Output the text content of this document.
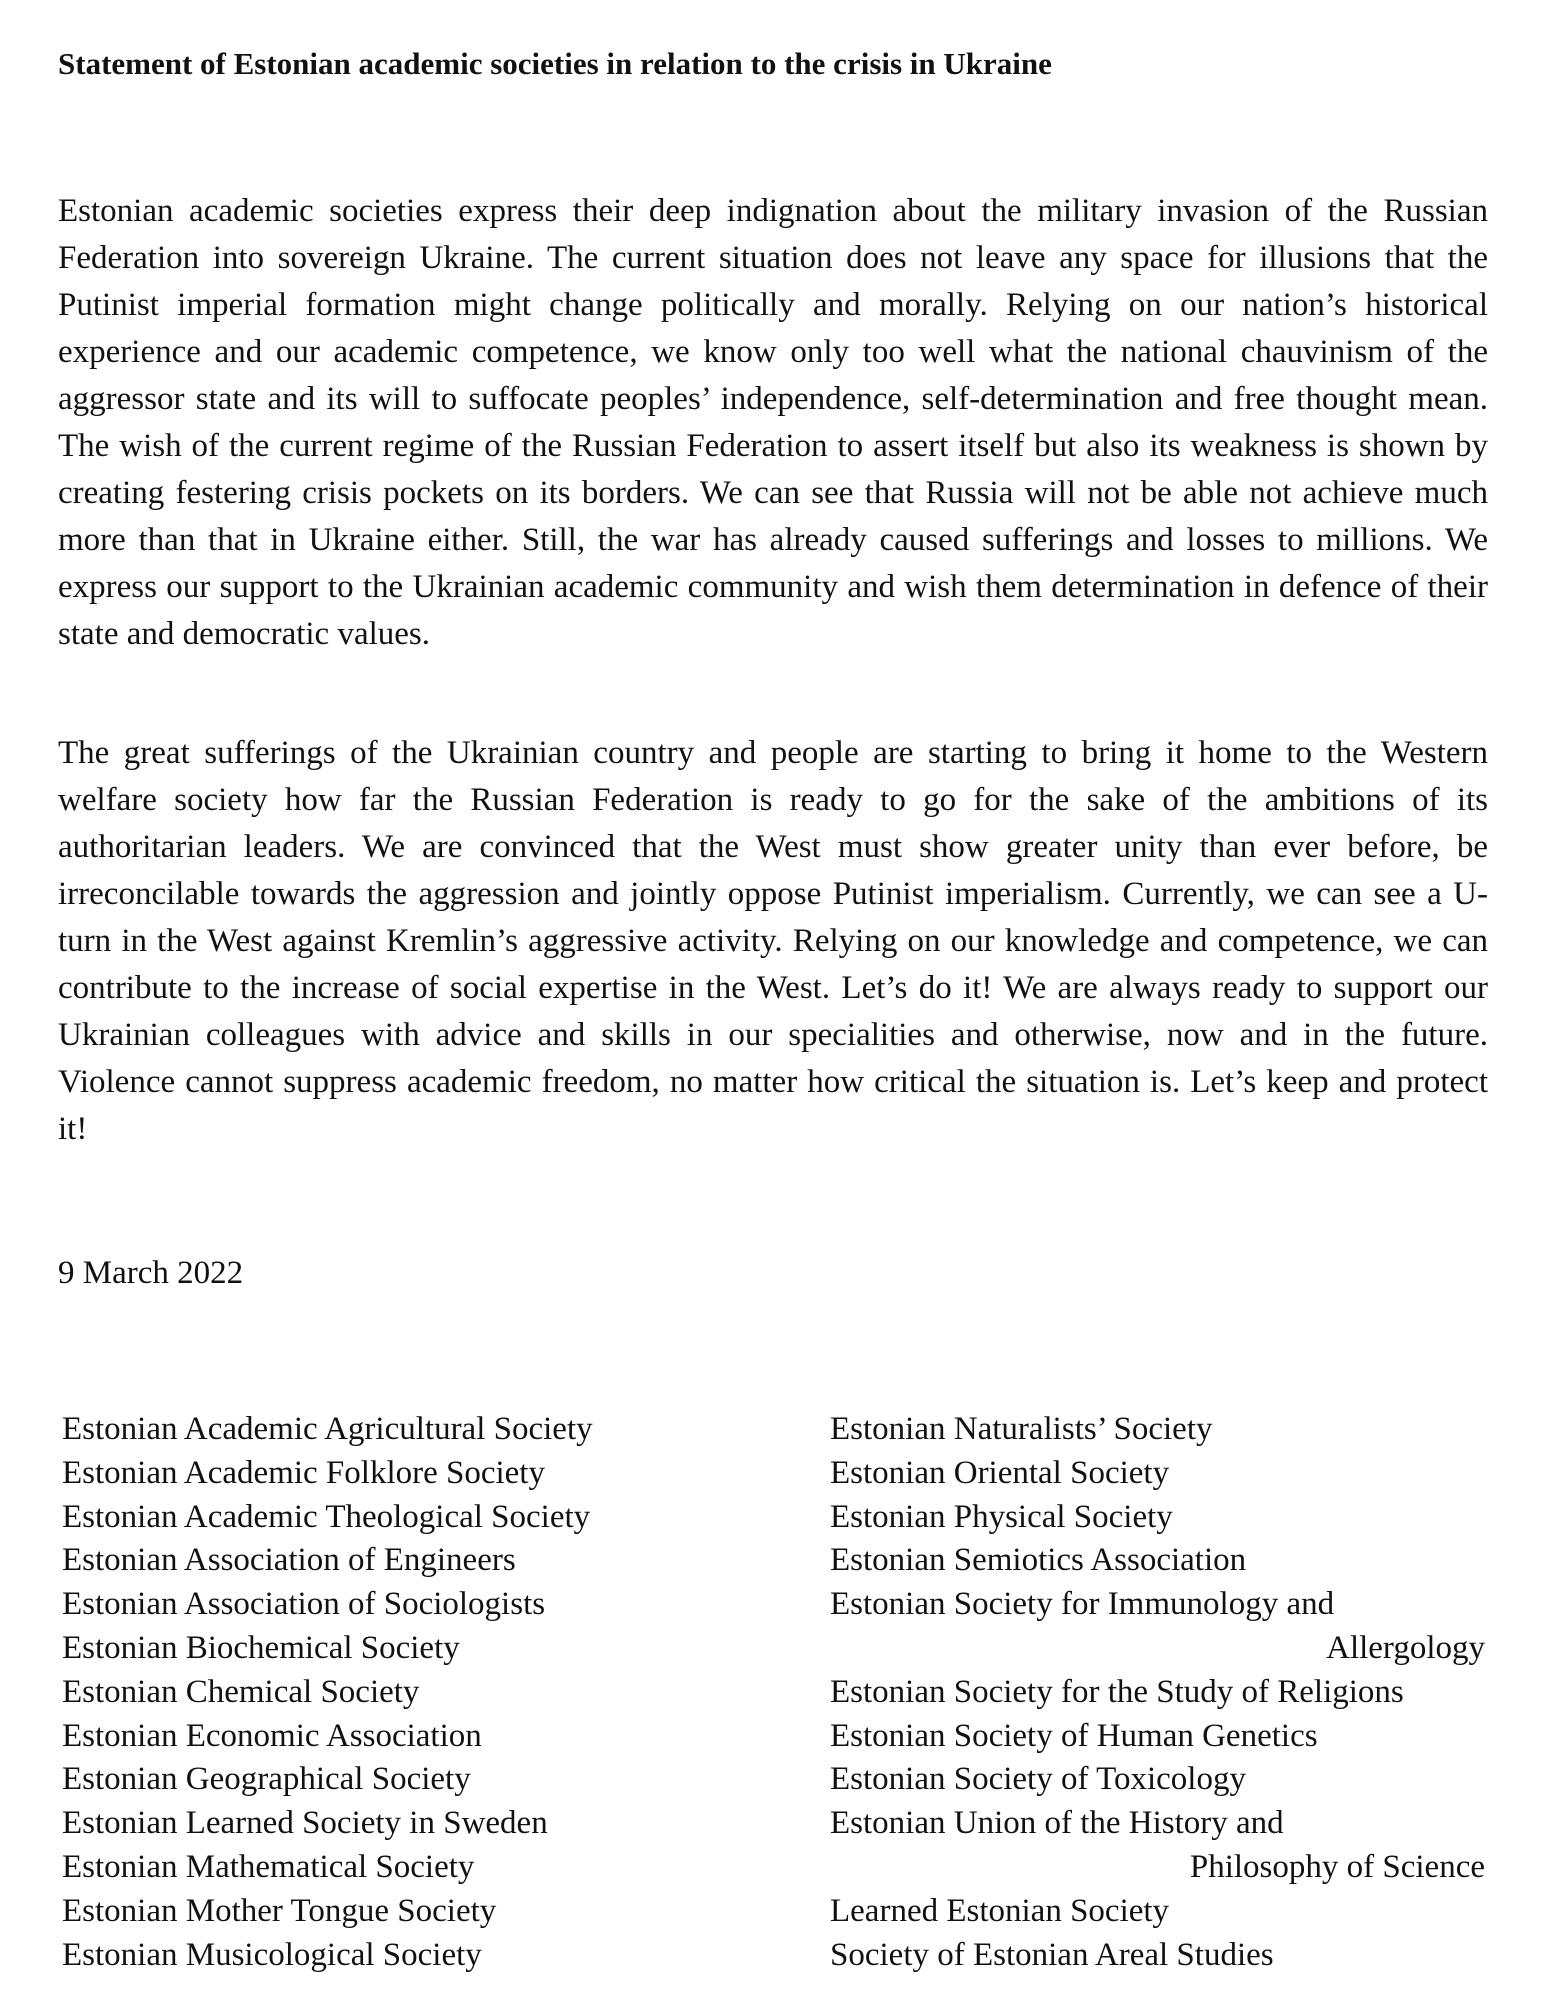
Statement of Estonian academic societies in relation to the crisis in Ukraine

Estonian academic societies express their deep indignation about the military invasion of the Russian Federation into sovereign Ukraine. The current situation does not leave any space for illusions that the Putinist imperial formation might change politically and morally. Relying on our nation’s historical experience and our academic competence, we know only too well what the national chauvinism of the aggressor state and its will to suffocate peoples’ independence, self-determination and free thought mean. The wish of the current regime of the Russian Federation to assert itself but also its weakness is shown by creating festering crisis pockets on its borders. We can see that Russia will not be able not achieve much more than that in Ukraine either. Still, the war has already caused sufferings and losses to millions. We express our support to the Ukrainian academic community and wish them determination in defence of their state and democratic values.

The great sufferings of the Ukrainian country and people are starting to bring it home to the Western welfare society how far the Russian Federation is ready to go for the sake of the ambitions of its authoritarian leaders. We are convinced that the West must show greater unity than ever before, be irreconcilable towards the aggression and jointly oppose Putinist imperialism. Currently, we can see a U-turn in the West against Kremlin’s aggressive activity. Relying on our knowledge and competence, we can contribute to the increase of social expertise in the West. Let’s do it! We are always ready to support our Ukrainian colleagues with advice and skills in our specialities and otherwise, now and in the future. Violence cannot suppress academic freedom, no matter how critical the situation is. Let’s keep and protect it!

9 March 2022
Estonian Academic Agricultural Society
Estonian Academic Folklore Society
Estonian Academic Theological Society
Estonian Association of Engineers
Estonian Association of Sociologists
Estonian Biochemical Society
Estonian Chemical Society
Estonian Economic Association
Estonian Geographical Society
Estonian Learned Society in Sweden
Estonian Mathematical Society
Estonian Mother Tongue Society
Estonian Musicological Society
Estonian Naturalists’ Society
Estonian Oriental Society
Estonian Physical Society
Estonian Semiotics Association
Estonian Society for Immunology and
Allergology
Estonian Society for the Study of Religions
Estonian Society of Human Genetics
Estonian Society of Toxicology
Estonian Union of the History and
Philosophy of Science
Learned Estonian Society
Society of Estonian Areal Studies
